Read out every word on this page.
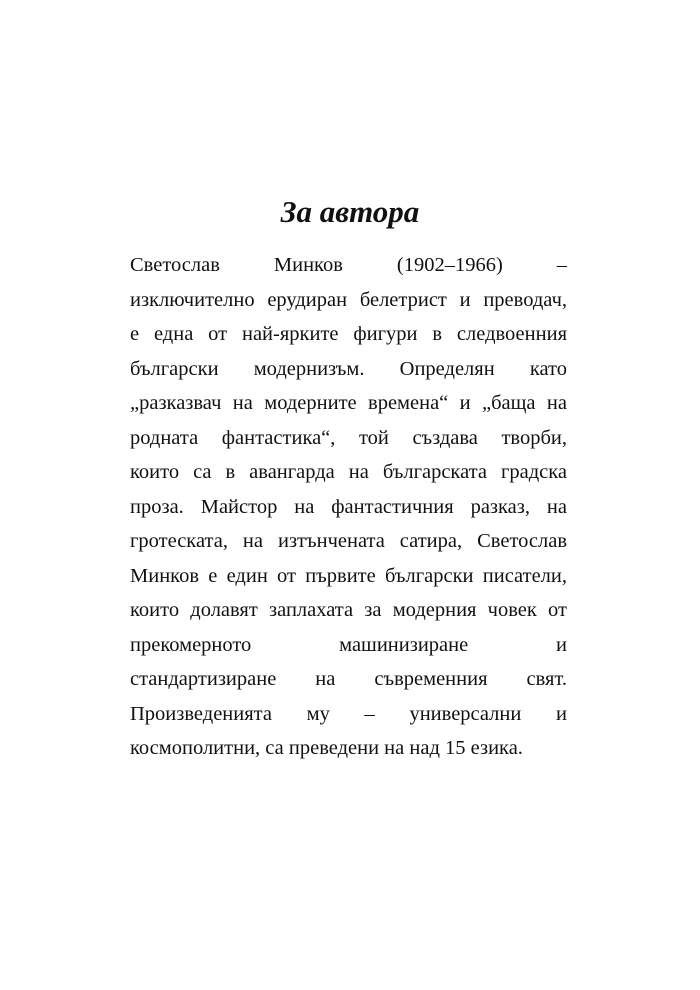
За автора
Светослав Минков (1902–1966) –
изключително ерудиран белетрист и преводач,
е една от най-ярките фигури в следвоенния
български модернизъм. Определян като
„разказвач на модерните времена“ и „баща на
родната фантастика“, той създава творби,
които са в авангарда на българската градска
проза. Майстор на фантастичния разказ, на
гротеската, на изтънчената сатира, Светослав
Минков е един от първите български писатели,
които долавят заплахата за модерния човек от
прекомерното машинизиране и
стандартизиране на съвременния свят.
Произведенията му – универсални и
космополитни, са преведени на над 15 езика.
